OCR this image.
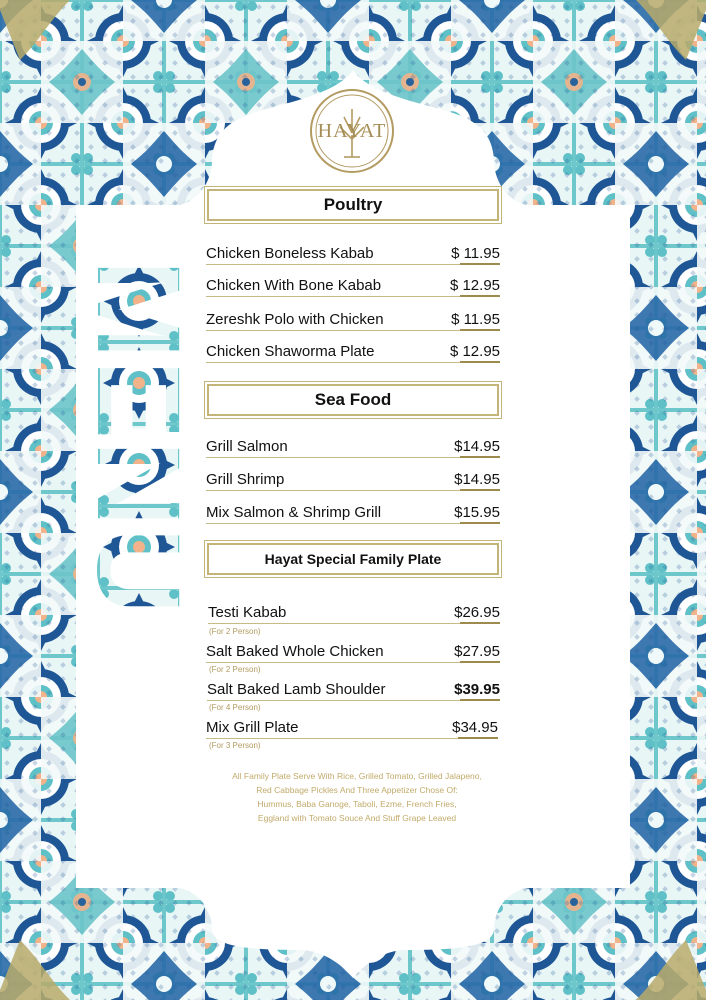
MENU
HAYAT
Poultry
Sea Food
Hayat Special Family Plate
Chicken Boneless Kabab	$ 11.95
Chicken With Bone Kabab	$ 12.95
Zereshk Polo with Chicken	$ 11.95
Chicken Shaworma Plate	$ 12.95
Grill Salmon	$14.95
Grill Shrimp	$14.95
Mix Salmon & Shrimp Grill	$15.95
Testi Kabab	$26.95
(For 2 Person)
Salt Baked Whole Chicken	$27.95
(For 2 Person)
Salt Baked Lamb Shoulder	$39.95
(For 4 Person)
Mix Grill Plate	$34.95
(For 3 Person)
All Family Plate Serve With Rice, Grilled Tomato, Grilled Jalapeno,
Red Cabbage Pickles And Three Appetizer Chose Of:
Hummus, Baba Ganoge, Taboli, Ezme, French Fries,
Eggland with Tomato Souce And Stuff Grape Leaved
